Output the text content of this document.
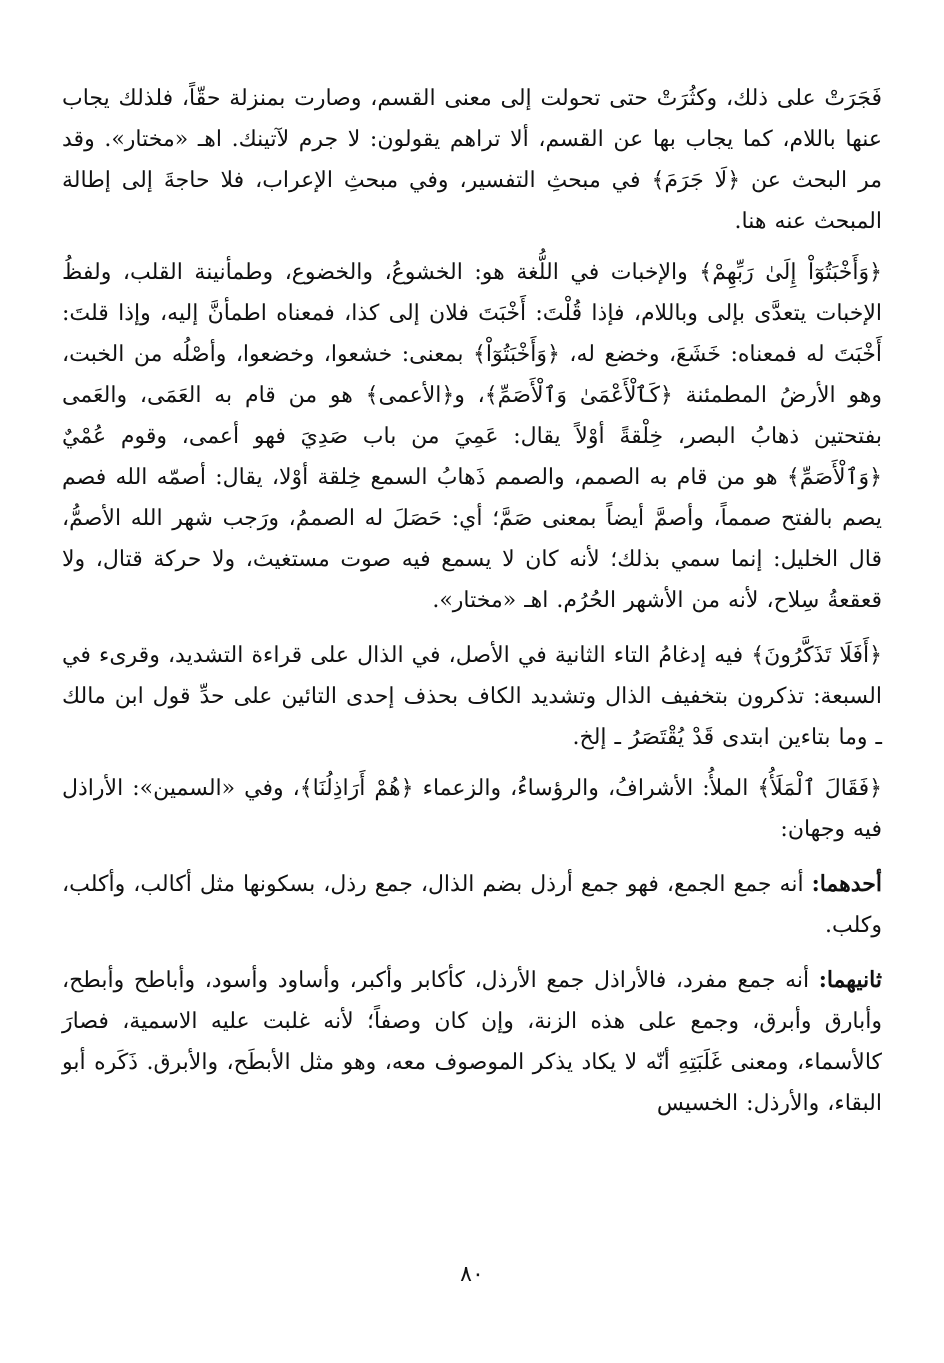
فَجَرَتْ على ذلك، وكثُرَتْ حتى تحولت إلى معنى القسم، وصارت بمنزلة حقّاً، فلذلك يجاب عنها باللام، كما يجاب بها عن القسم، ألا تراهم يقولون: لا جرم لآتينك. اهـ «مختار». وقد مر البحث عن ﴿لَا جَرَمَ﴾ في مبحثِ التفسير، وفي مبحثِ الإعراب، فلا حاجةَ إلى إطالة المبحث عنه هنا.

﴿وَأَخْبَتُوٓاْ إِلَىٰ رَبِّهِمْ﴾ والإخبات في اللُّغة هو: الخشوعُ، والخضوع، وطمأنينة القلب، ولفظُ الإخبات يتعدَّى بإلى وباللام، فإذا قُلْتَ: أَخْبَتَ فلان إلى كذا، فمعناه اطمأنَّ إليه، وإذا قلتَ: أَخْبَتَ له فمعناه: خَشَعَ، وخضع له، ﴿وَأَخْبَتُوٓاْ﴾ بمعنى: خشعوا، وخضعوا، وأصْلُه من الخبت، وهو الأرضُ المطمئنة ﴿كَٱلْأَعْمَىٰ وَٱلْأَصَمِّ﴾، و﴿الأعمى﴾ هو من قام به العَمَى، والعَمى بفتحتين ذهابُ البصر، خِلْقةً أوْلاً يقال: عَمِيَ من باب صَدِيَ فهو أعمى، وقوم عُمْيٌ ﴿وَٱلْأَصَمِّ﴾ هو من قام به الصمم، والصمم ذَهابُ السمع خِلقة أوْلا، يقال: أصمّه الله فصم يصم بالفتح صمماً، وأصمَّ أيضاً بمعنى صَمَّ؛ أي: حَصَلَ له الصممُ، ورَجب شهر الله الأصمُّ، قال الخليل: إنما سمي بذلك؛ لأنه كان لا يسمع فيه صوت مستغيث، ولا حركة قتال، ولا قعقعةُ سِلاح، لأنه من الأشهر الحُرُم. اهـ «مختار».

﴿أَفَلَا تَذَكَّرُونَ﴾ فيه إدغامُ التاء الثانية في الأصل، في الذال على قراءة التشديد، وقرىء في السبعة: تذكرون بتخفيف الذال وتشديد الكاف بحذف إحدى التائين على حدِّ قول ابن مالك ـ وما بتاءين ابتدى قَدْ يُقْتَصَرُ ـ إلخ.

﴿فَقَالَ ٱلْمَلَأُ﴾ الملأُ: الأشرافُ، والرؤساءُ، والزعماء ﴿هُمْ أَرَاذِلُنَا﴾، وفي «السمين»: الأراذل فيه وجهان:

أحدهما: أنه جمع الجمع، فهو جمع أرذل بضم الذال، جمع رذل، بسكونها مثل أكالب، وأكلب، وكلب.

ثانيهما: أنه جمع مفرد، فالأراذل جمع الأرذل، كأكابر وأكبر، وأساود وأسود، وأباطح وأبطح، وأبارق وأبرق، وجمع على هذه الزنة، وإن كان وصفاً؛ لأنه غلبت عليه الاسمية، فصارَ كالأسماء، ومعنى غَلَبَتِهِ أنّه لا يكاد يذكر الموصوف معه، وهو مثل الأبطَح، والأبرق. ذَكَره أبو البقاء، والأرذل: الخسيس

٨٠
